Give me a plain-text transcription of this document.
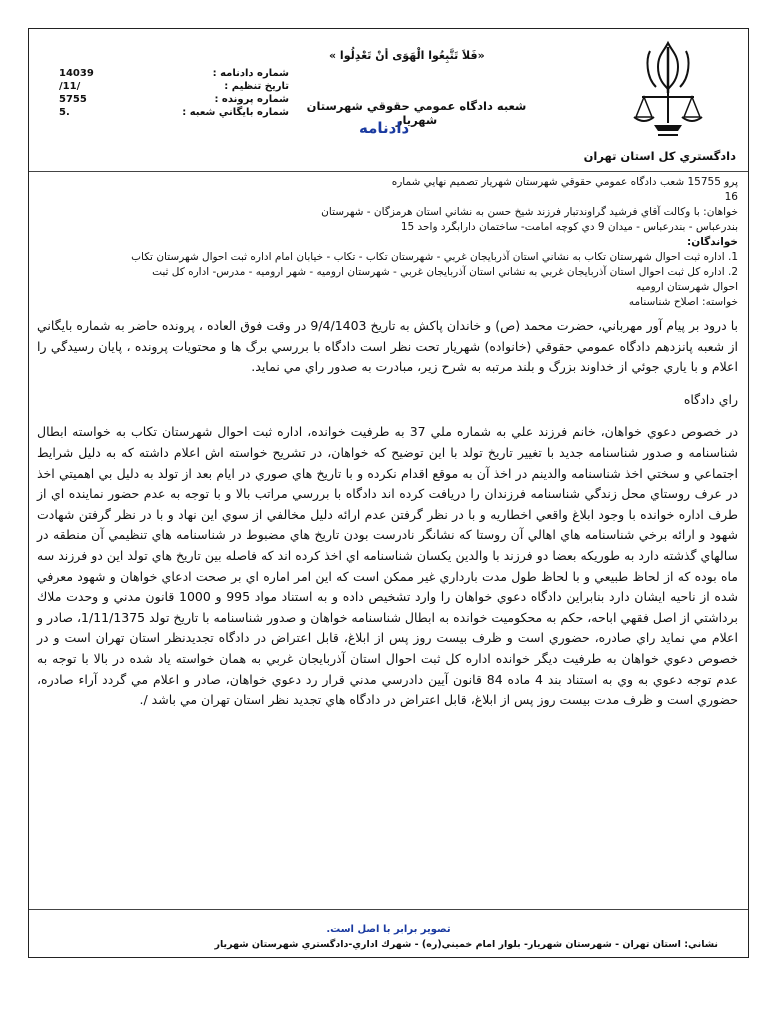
دادگستري كل استان تهران
«فَلاَ تَتَّبِعُوا الْهَوَى أنْ تَعْدِلُوا »
شعبه دادگاه عمومي حقوقي شهرستان شهريار
دادنامه
شماره دادنامه :
14039
تاريخ تنظيم :
/11/
شماره پرونده :
5755
شماره بايگاني شعبه :
5.

پرو 15755 شعب دادگاه عمومي حقوقي شهرستان شهريار تصميم نهايي شماره

16

خواهان: با وكالت آقاي فرشيد گراوندتبار فرزند شيخ حسن به نشاني استان هرمزگان - شهرستان

بندرعباس - بندرعباس - ميدان 9 دي كوچه امامت- ساختمان دارابگرد واحد 15

خواندگان:

1. اداره ثبت احوال شهرستان تكاب به نشاني استان آذربايجان غربي - شهرستان تكاب - تكاب - خيابان امام اداره ثبت احوال شهرستان تكاب

2. اداره كل ثبت احوال استان آذربايجان غربي به نشاني استان آذربايجان غربي - شهرستان اروميه - شهر اروميه - مدرس- اداره كل ثبت

احوال شهرستان اروميه

خواسته: اصلاح شناسنامه

با درود بر پيام آور مهرباني، حضرت محمد (ص) و خاندان پاكش به تاريخ 9/4/1403 در وقت فوق العاده ، پرونده حاضر به شماره بايگاني از شعبه پانزدهم دادگاه عمومي حقوقي (خانواده) شهريار تحت نظر است دادگاه با بررسي برگ ها و محتويات پرونده ، پايان رسيدگي را اعلام و با ياري جوئي از خداوند بزرگ و بلند مرتبه به شرح زير، مبادرت به صدور راي مي نمايد.

راي دادگاه

در خصوص دعوي خواهان، خانم فرزند علي به شماره ملي 37 به طرفيت خوانده، اداره ثبت احوال شهرستان تكاب به خواسته ابطال شناسنامه و صدور شناسنامه جديد با تغيير تاريخ تولد با اين توضيح كه خواهان، در تشريح خواسته اش اعلام داشته كه به دليل شرايط اجتماعي و سختي اخذ شناسنامه والدينم در اخذ آن به موقع اقدام نكرده و با تاريخ هاي صوري در ايام بعد از تولد به دليل بي اهميتي اخذ در عرف روستاي محل زندگي شناسنامه فرزندان را دريافت كرده اند دادگاه با بررسي مراتب بالا و با توجه به عدم حضور نماينده اي از طرف اداره خوانده با وجود ابلاغ واقعي اخطاريه و با در نظر گرفتن عدم ارائه دليل مخالفي از سوي اين نهاد و با در نظر گرفتن شهادت شهود و ارائه برخي شناسنامه هاي اهالي آن روستا كه نشانگر نادرست بودن تاريخ هاي مضبوط در شناسنامه هاي تنظيمي آن منطقه در سالهاي گذشته دارد به طوريكه بعضا دو فرزند با والدين يكسان شناسنامه اي اخذ كرده اند كه فاصله بين تاريخ هاي تولد اين دو فرزند سه ماه بوده كه از لحاظ طبيعي و با لحاظ طول مدت بارداري غير ممكن است كه اين امر اماره اي بر صحت ادعاي خواهان و شهود معرفي شده از ناحيه ايشان دارد بنابراين دادگاه دعوي خواهان را وارد تشخيص داده و به استناد مواد 995 و 1000 قانون مدني و وحدت ملاك برداشتي از اصل فقهي اباحه، حكم به محكوميت خوانده به ابطال شناسنامه خواهان و صدور شناسنامه با تاريخ تولد 1/11/1375، صادر و اعلام مي نمايد راي صادره، حضوري است و ظرف بيست روز پس از ابلاغ، قابل اعتراض در دادگاه تجديدنظر استان تهران است و در خصوص دعوي خواهان به طرفيت ديگر خوانده اداره كل ثبت احوال استان آذربايجان غربي به همان خواسته ياد شده در بالا با توجه به عدم توجه دعوي به وي به استناد بند 4 ماده 84 قانون آيين دادرسي مدني قرار رد دعوي خواهان، صادر و اعلام مي گردد آراء صادره، حضوري است و ظرف مدت بيست روز پس از ابلاغ، قابل اعتراض در دادگاه هاي تجديد نظر استان تهران مي باشد /.

تصوير برابر با اصل است.
نشاني: استان تهران - شهرستان شهريار- بلوار امام خميني(ره) - شهرك اداري-دادگستري شهرستان شهريار
